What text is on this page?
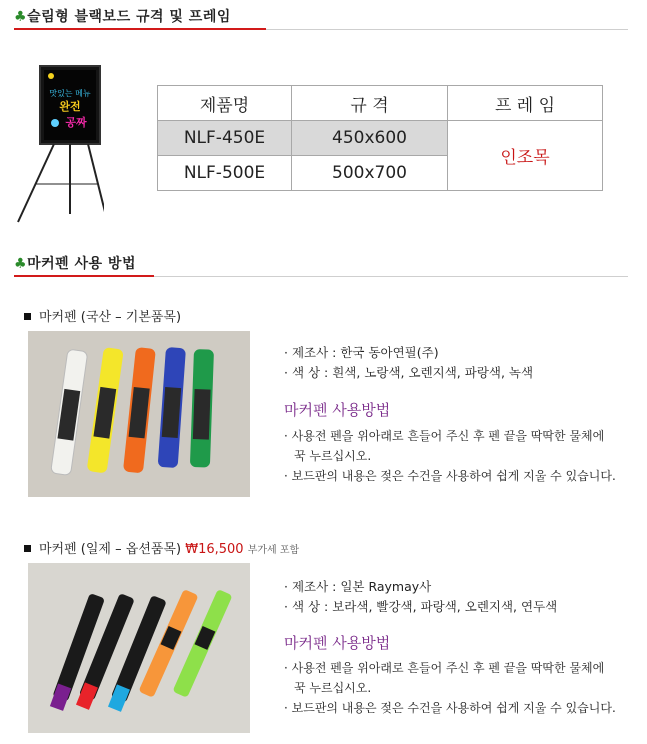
♣슬림형 블랙보드 규격 및 프레임
맛있는 메뉴
완전
공짜
제품명	규 격	프 레 임
NLF-450E	450x600	인조목
NLF-500E	500x700	
♣마커펜 사용 방법
마커펜 (국산 – 기본품목)
· 제조사 : 한국 동아연필(주)
· 색 상 : 흰색, 노랑색, 오렌지색, 파랑색, 녹색
마커펜 사용방법
· 사용전 펜을 위아래로 흔들어 주신 후 펜 끝을 딱딱한 물체에
꾹 누르십시오.
· 보드판의 내용은 젖은 수건을 사용하여 쉽게 지울 수 있습니다.
마커펜 (일제 – 옵션품목) ₩16,500 부가세 포함
· 제조사 : 일본 Raymay사
· 색 상 : 보라색, 빨강색, 파랑색, 오렌지색, 연두색
마커펜 사용방법
· 사용전 펜을 위아래로 흔들어 주신 후 펜 끝을 딱딱한 물체에
꾹 누르십시오.
· 보드판의 내용은 젖은 수건을 사용하여 쉽게 지울 수 있습니다.
